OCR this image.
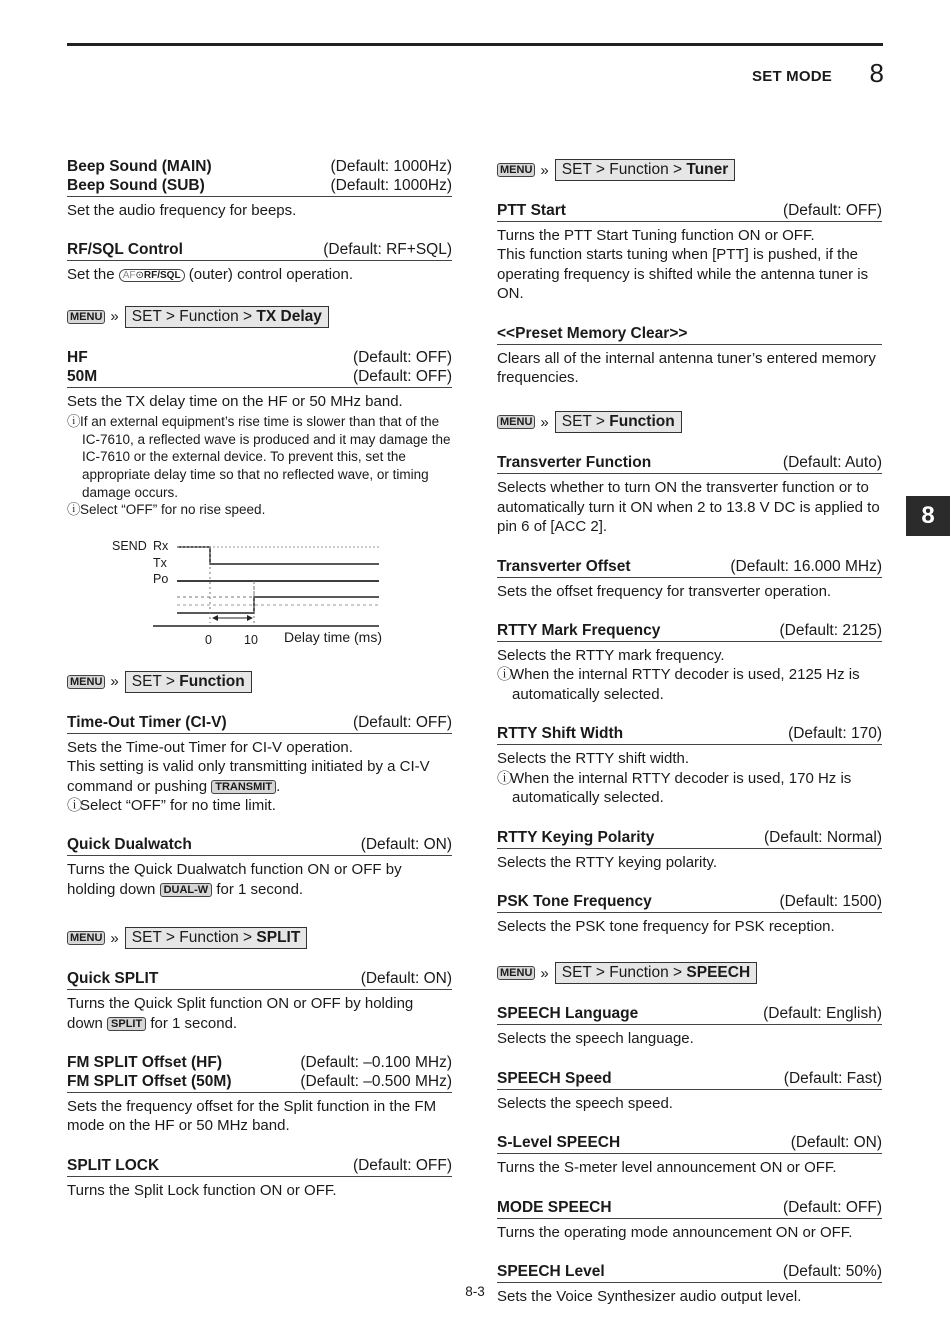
SET MODE 8
8
Beep Sound (MAIN)	(Default: 1000Hz)
Beep Sound (SUB)	(Default: 1000Hz)

Set the audio frequency for beeps.

RF/SQL Control	(Default: RF+SQL)

Set the AF⊙RF/SQL (outer) control operation.

MENU » SET > Function > TX Delay
HF	(Default: OFF)
50M	(Default: OFF)

Sets the TX delay time on the HF or 50 MHz band.

ⓘIf an external equipment’s rise time is slower than that of the IC-7610, a reflected wave is produced and it may damage the IC-7610 or the external device. To prevent this, set the appropriate delay time so that no reflected wave, or timing damage occurs.

ⓘSelect “OFF” for no rise speed.

SEND Rx
Tx
Po
0	10 Delay time (ms)
MENU » SET > Function
Time-Out Timer (CI-V)	(Default: OFF)

Sets the Time-out Timer for CI-V operation.

This setting is valid only transmitting initiated by a CI-V command or pushing TRANSMIT .

ⓘSelect “OFF” for no time limit.

Quick Dualwatch	(Default: ON)

Turns the Quick Dualwatch function ON or OFF by holding down DUAL-W for 1 second.

MENU » SET > Function > SPLIT
Quick SPLIT	(Default: ON)

Turns the Quick Split function ON or OFF by holding down SPLIT for 1 second.

FM SPLIT Offset (HF)	(Default: –0.100 MHz)
FM SPLIT Offset (50M)	(Default: –0.500 MHz)

Sets the frequency offset for the Split function in the FM mode on the HF or 50 MHz band.

SPLIT LOCK	(Default: OFF)

Turns the Split Lock function ON or OFF.

MENU » SET > Function > Tuner
PTT Start	(Default: OFF)

Turns the PTT Start Tuning function ON or OFF.

This function starts tuning when [PTT] is pushed, if the operating frequency is shifted while the antenna tuner is ON.

<<Preset Memory Clear>>

Clears all of the internal antenna tuner’s entered memory frequencies.

MENU » SET > Function
Transverter Function	(Default: Auto)

Selects whether to turn ON the transverter function or to automatically turn it ON when 2 to 13.8 V DC is applied to pin 6 of [ACC 2].

Transverter Offset	(Default: 16.000 MHz)

Sets the offset frequency for transverter operation.

RTTY Mark Frequency	(Default: 2125)

Selects the RTTY mark frequency.

ⓘWhen the internal RTTY decoder is used, 2125 Hz is automatically selected.

RTTY Shift Width	(Default: 170)

Selects the RTTY shift width.

ⓘWhen the internal RTTY decoder is used, 170 Hz is automatically selected.

RTTY Keying Polarity	(Default: Normal)

Selects the RTTY keying polarity.

PSK Tone Frequency	(Default: 1500)

Selects the PSK tone frequency for PSK reception.

MENU » SET > Function > SPEECH
SPEECH Language	(Default: English)

Selects the speech language.

SPEECH Speed	(Default: Fast)

Selects the speech speed.

S-Level SPEECH	(Default: ON)

Turns the S-meter level announcement ON or OFF.

MODE SPEECH	(Default: OFF)

Turns the operating mode announcement ON or OFF.

SPEECH Level	(Default: 50%)

Sets the Voice Synthesizer audio output level.

8-3
